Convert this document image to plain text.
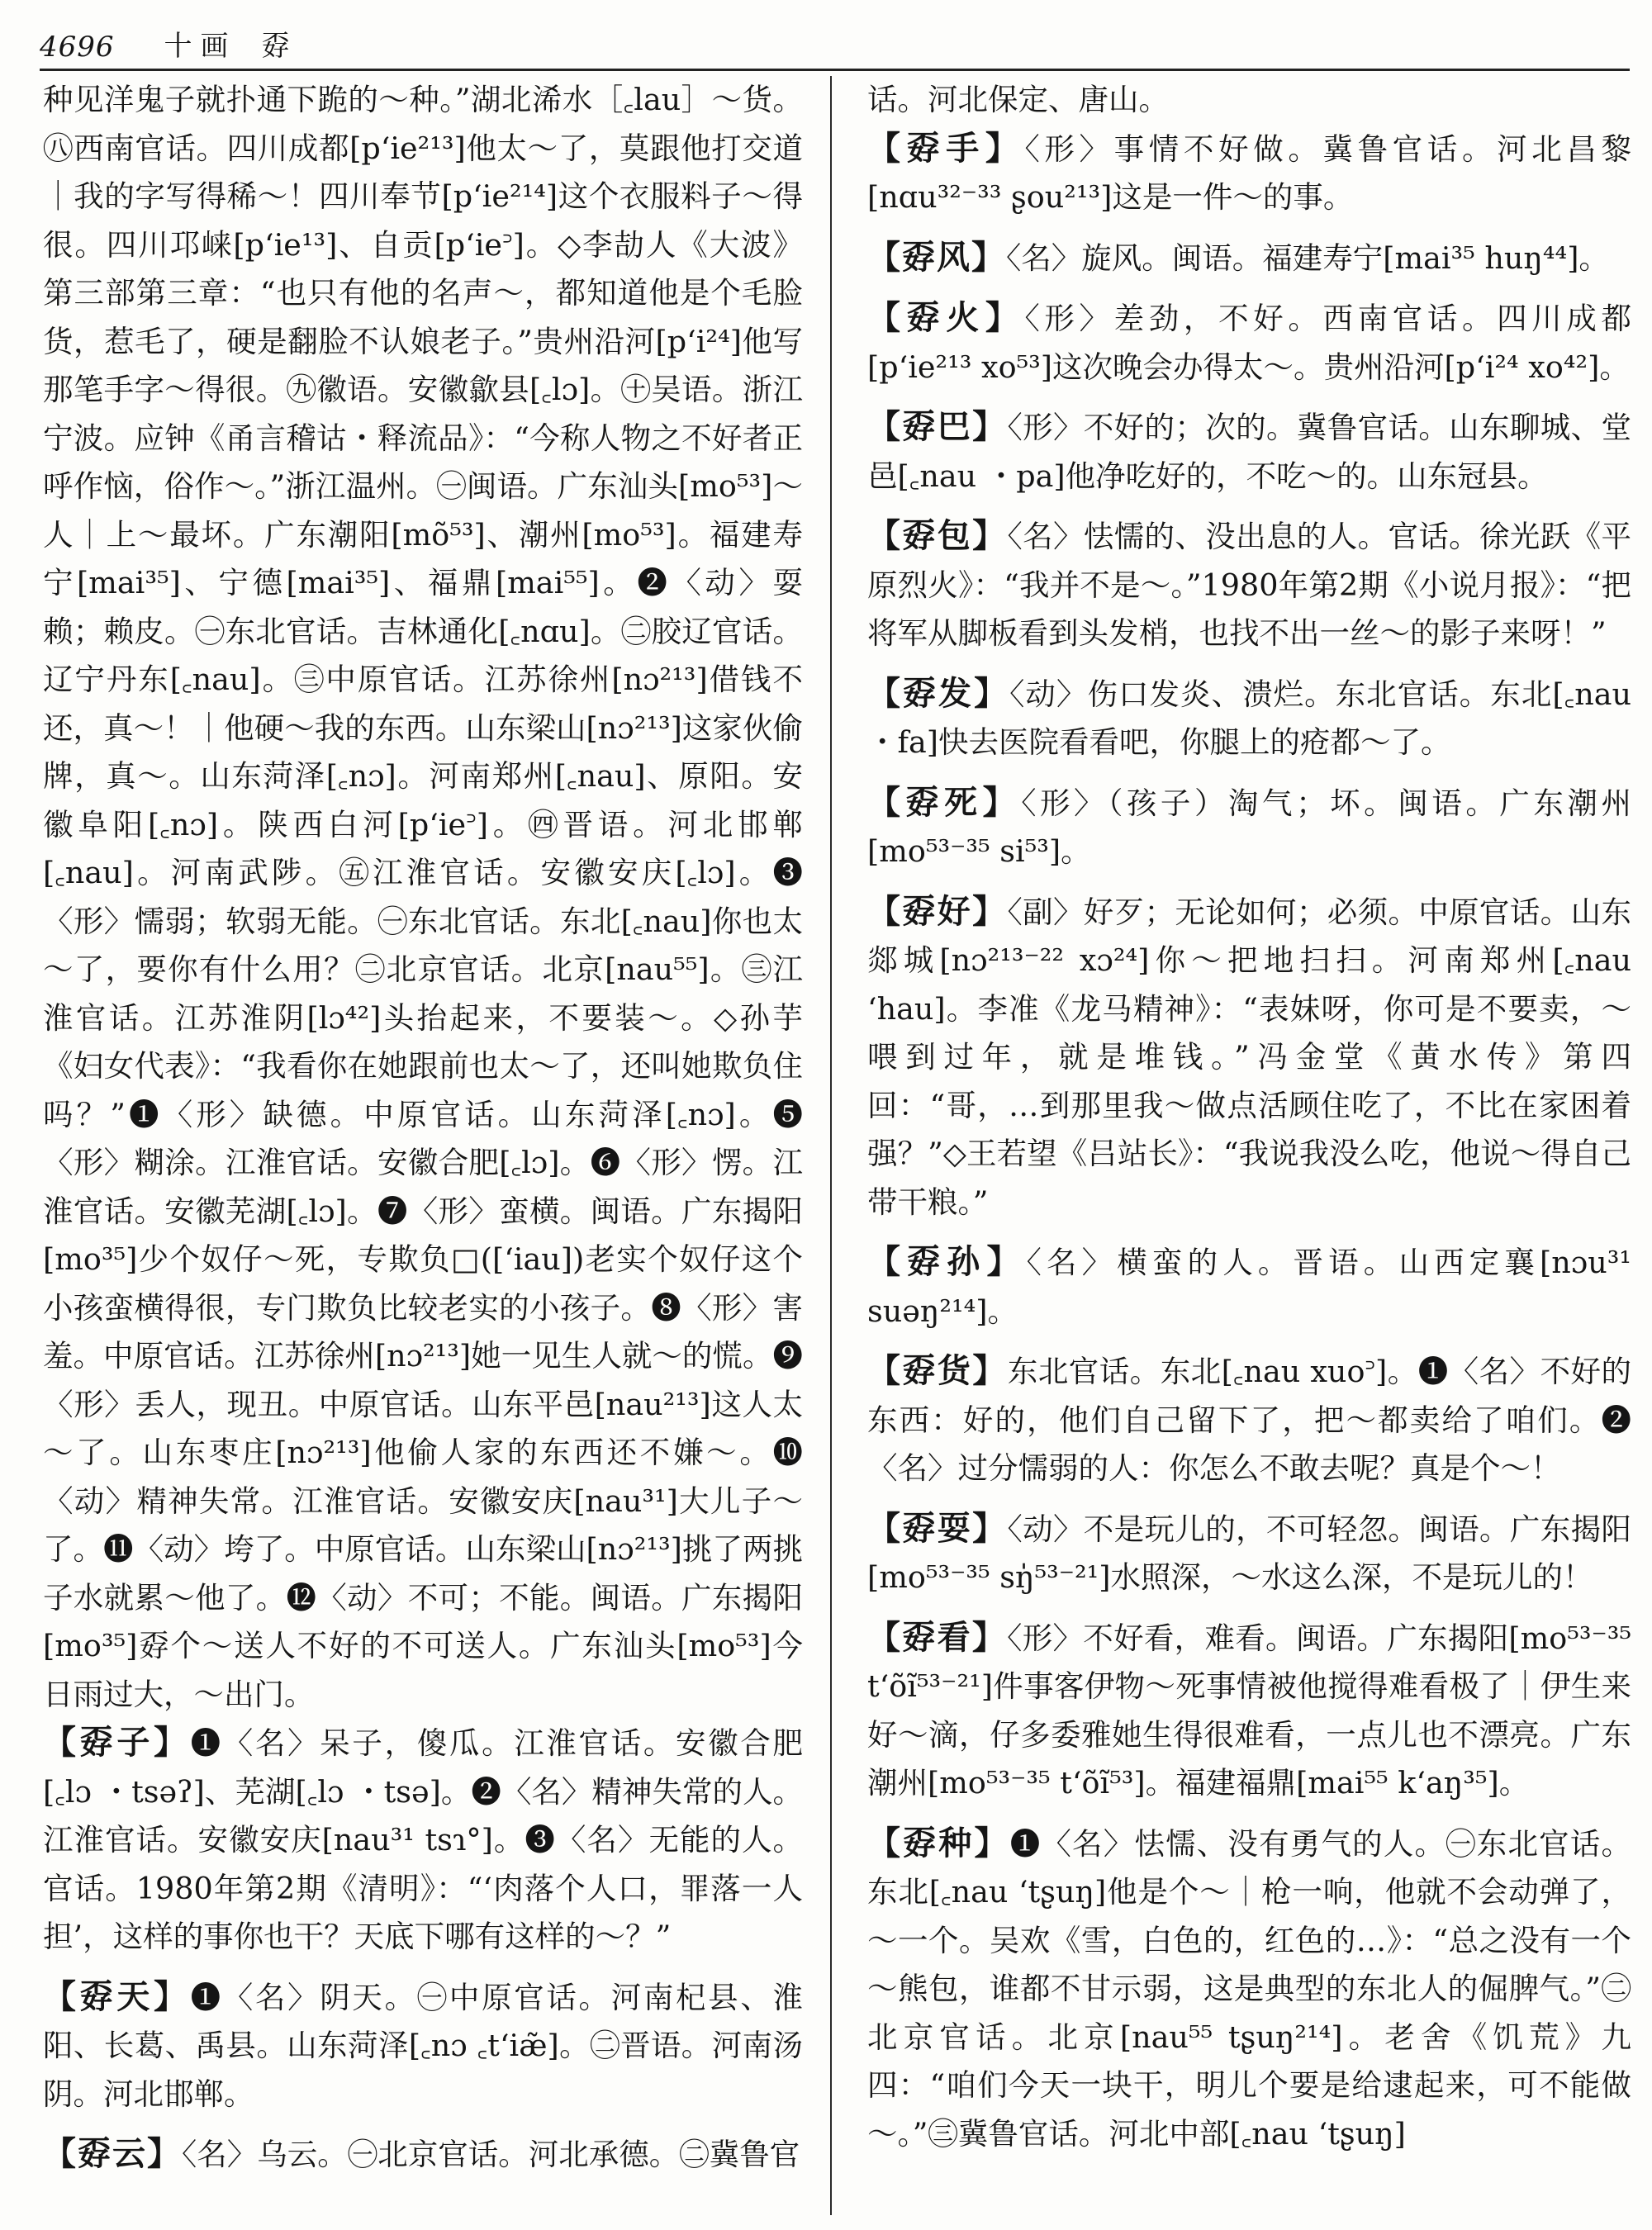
4696 十画 孬

种见洋鬼子就扑通下跪的～种。”湖北浠水［꜀lau］～货。㊇西南官话。四川成都[pʻie²¹³]他太～了，莫跟他打交道｜我的字写得稀～！四川奉节[pʻie²¹⁴]这个衣服料子～得很。四川邛崃[pʻie¹³]、自贡[pʻie꜄]。◇李劼人《大波》第三部第三章：“也只有他的名声～，都知道他是个毛脸货，惹毛了，硬是翻脸不认娘老子。”贵州沿河[pʻi²⁴]他写那笔手字～得很。㊈徽语。安徽歙县[꜀lɔ]。㊉吴语。浙江宁波。应钟《甬言稽诂・释流品》：“今称人物之不好者正呼作恼，俗作～。”浙江温州。㊀闽语。广东汕头[mo⁵³]～人｜上～最坏。广东潮阳[mõ⁵³]、潮州[mo⁵³]。福建寿宁[mai³⁵]、宁德[mai³⁵]、福鼎[mai⁵⁵]。❷〈动〉耍赖；赖皮。㊀东北官话。吉林通化[꜀nɑu]。㊁胶辽官话。辽宁丹东[꜀nau]。㊂中原官话。江苏徐州[nɔ²¹³]借钱不还，真～！｜他硬～我的东西。山东梁山[nɔ²¹³]这家伙偷牌，真～。山东菏泽[꜀nɔ]。河南郑州[꜀nau]、原阳。安徽阜阳[꜀nɔ]。陕西白河[pʻie꜄]。㊃晋语。河北邯郸[꜀nau]。河南武陟。㊄江淮官话。安徽安庆[꜀lɔ]。❸〈形〉懦弱；软弱无能。㊀东北官话。东北[꜀nau]你也太～了，要你有什么用？㊁北京官话。北京[nau⁵⁵]。㊂江淮官话。江苏淮阴[lɔ⁴²]头抬起来，不要装～。◇孙芋《妇女代表》：“我看你在她跟前也太～了，还叫她欺负住吗？”❶〈形〉缺德。中原官话。山东菏泽[꜀nɔ]。❺〈形〉糊涂。江淮官话。安徽合肥[꜀lɔ]。❻〈形〉愣。江淮官话。安徽芜湖[꜀lɔ]。❼〈形〉蛮横。闽语。广东揭阳[mo³⁵]少个奴仔～死，专欺负□([ʻiau])老实个奴仔这个小孩蛮横得很，专门欺负比较老实的小孩子。❽〈形〉害羞。中原官话。江苏徐州[nɔ²¹³]她一见生人就～的慌。❾〈形〉丢人，现丑。中原官话。山东平邑[nau²¹³]这人太～了。山东枣庄[nɔ²¹³]他偷人家的东西还不嫌～。❿〈动〉精神失常。江淮官话。安徽安庆[nau³¹]大儿子～了。⓫〈动〉垮了。中原官话。山东梁山[nɔ²¹³]挑了两挑子水就累～他了。⓬〈动〉不可；不能。闽语。广东揭阳[mo³⁵]孬个～送人不好的不可送人。广东汕头[mo⁵³]今日雨过大，～出门。

【孬子】❶〈名〉呆子，傻瓜。江淮官话。安徽合肥[꜀lɔ ・tsəʔ]、芜湖[꜀lɔ ・tsə]。❷〈名〉精神失常的人。江淮官话。安徽安庆[nau³¹ tsɿ°]。❸〈名〉无能的人。官话。1980年第2期《清明》：“‘肉落个人口，罪落一人担’，这样的事你也干？天底下哪有这样的～？”

【孬天】❶〈名〉阴天。㊀中原官话。河南杞县、淮阳、长葛、禹县。山东菏泽[꜀nɔ ꜀tʻiæ̃]。㊁晋语。河南汤阴。河北邯郸。

【孬云】〈名〉乌云。㊀北京官话。河北承德。㊁冀鲁官

话。河北保定、唐山。

【孬手】〈形〉事情不好做。冀鲁官话。河北昌黎[nɑu³²⁻³³ ʂou²¹³]这是一件～的事。

【孬风】〈名〉旋风。闽语。福建寿宁[mai³⁵ huŋ⁴⁴]。

【孬火】〈形〉差劲，不好。西南官话。四川成都[pʻie²¹³ xo⁵³]这次晚会办得太～。贵州沿河[pʻi²⁴ xo⁴²]。

【孬巴】〈形〉不好的；次的。冀鲁官话。山东聊城、堂邑[꜀nau ・pa]他净吃好的，不吃～的。山东冠县。

【孬包】〈名〉怯懦的、没出息的人。官话。徐光跃《平原烈火》：“我并不是～。”1980年第2期《小说月报》：“把将军从脚板看到头发梢，也找不出一丝～的影子来呀！”

【孬发】〈动〉伤口发炎、溃烂。东北官话。东北[꜀nau ・fa]快去医院看看吧，你腿上的疮都～了。

【孬死】〈形〉（孩子）淘气；坏。闽语。广东潮州[mo⁵³⁻³⁵ si⁵³]。

【孬好】〈副〉好歹；无论如何；必须。中原官话。山东郯城[nɔ²¹³⁻²² xɔ²⁴]你～把地扫扫。河南郑州[꜀nau ʻhau]。李准《龙马精神》：“表妹呀，你可是不要卖，～喂到过年，就是堆钱。”冯金堂《黄水传》第四回：“哥，…到那里我～做点活顾住吃了，不比在家困着强？”◇王若望《吕站长》：“我说我没么吃，他说～得自己带干粮。”

【孬孙】〈名〉横蛮的人。晋语。山西定襄[nɔu³¹ suəŋ²¹⁴]。

【孬货】东北官话。东北[꜀nau xuo꜄]。❶〈名〉不好的东西：好的，他们自己留下了，把～都卖给了咱们。❷〈名〉过分懦弱的人：你怎么不敢去呢？真是个～！

【孬耍】〈动〉不是玩儿的，不可轻忽。闽语。广东揭阳[mo⁵³⁻³⁵ sŋ̍⁵³⁻²¹]水照深，～水这么深，不是玩儿的！

【孬看】〈形〉不好看，难看。闽语。广东揭阳[mo⁵³⁻³⁵ tʻõĩ⁵³⁻²¹]件事客伊物～死事情被他搅得难看极了｜伊生来好～滴，仔多委雅她生得很难看，一点儿也不漂亮。广东潮州[mo⁵³⁻³⁵ tʻõĩ⁵³]。福建福鼎[mai⁵⁵ kʻaŋ³⁵]。

【孬种】❶〈名〉怯懦、没有勇气的人。㊀东北官话。东北[꜀nau ʻtʂuŋ]他是个～｜枪一响，他就不会动弹了，～一个。吴欢《雪，白色的，红色的…》：“总之没有一个～熊包，谁都不甘示弱，这是典型的东北人的倔脾气。”㊁北京官话。北京[nau⁵⁵ tʂuŋ²¹⁴]。老舍《饥荒》九四：“咱们今天一块干，明儿个要是给逮起来，可不能做～。”㊂冀鲁官话。河北中部[꜀nau ʻtʂuŋ]
